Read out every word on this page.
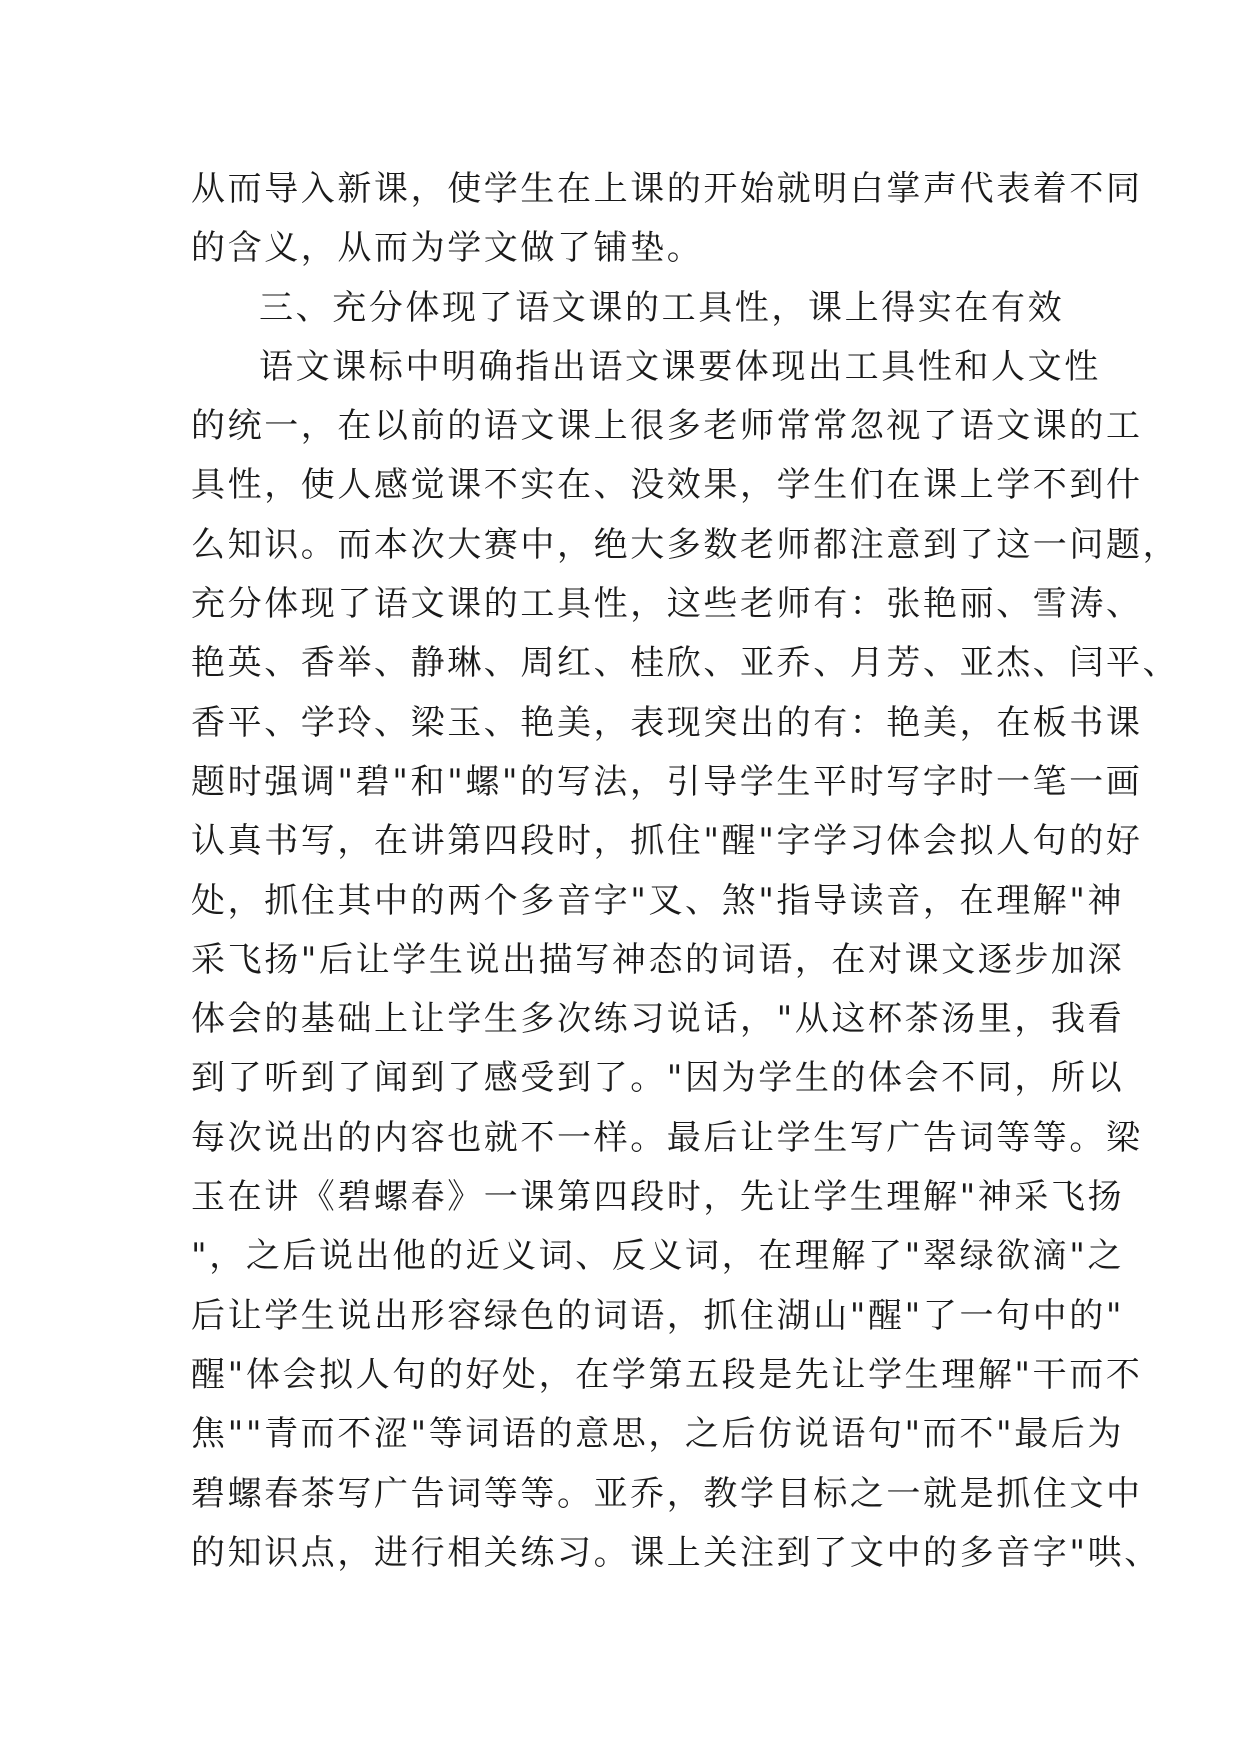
从而导入新课，使学生在上课的开始就明白掌声代表着不同
的含义，从而为学文做了铺垫。
三、充分体现了语文课的工具性，课上得实在有效
语文课标中明确指出语文课要体现出工具性和人文性
的统一，在以前的语文课上很多老师常常忽视了语文课的工
具性，使人感觉课不实在、没效果，学生们在课上学不到什
么知识。而本次大赛中，绝大多数老师都注意到了这一问题，
充分体现了语文课的工具性，这些老师有：张艳丽、雪涛、
艳英、香举、静琳、周红、桂欣、亚乔、月芳、亚杰、闫平、
香平、学玲、梁玉、艳美，表现突出的有：艳美，在板书课
题时强调"碧"和"螺"的写法，引导学生平时写字时一笔一画
认真书写，在讲第四段时，抓住"醒"字学习体会拟人句的好
处，抓住其中的两个多音字"叉、煞"指导读音，在理解"神
采飞扬"后让学生说出描写神态的词语，在对课文逐步加深
体会的基础上让学生多次练习说话，"从这杯茶汤里，我看
到了听到了闻到了感受到了。"因为学生的体会不同，所以
每次说出的内容也就不一样。最后让学生写广告词等等。梁
玉在讲《碧螺春》一课第四段时，先让学生理解"神采飞扬
"，之后说出他的近义词、反义词，在理解了"翠绿欲滴"之
后让学生说出形容绿色的词语，抓住湖山"醒"了一句中的"
醒"体会拟人句的好处，在学第五段是先让学生理解"干而不
焦""青而不涩"等词语的意思，之后仿说语句"而不"最后为
碧螺春茶写广告词等等。亚乔，教学目标之一就是抓住文中
的知识点，进行相关练习。课上关注到了文中的多音字"哄、
